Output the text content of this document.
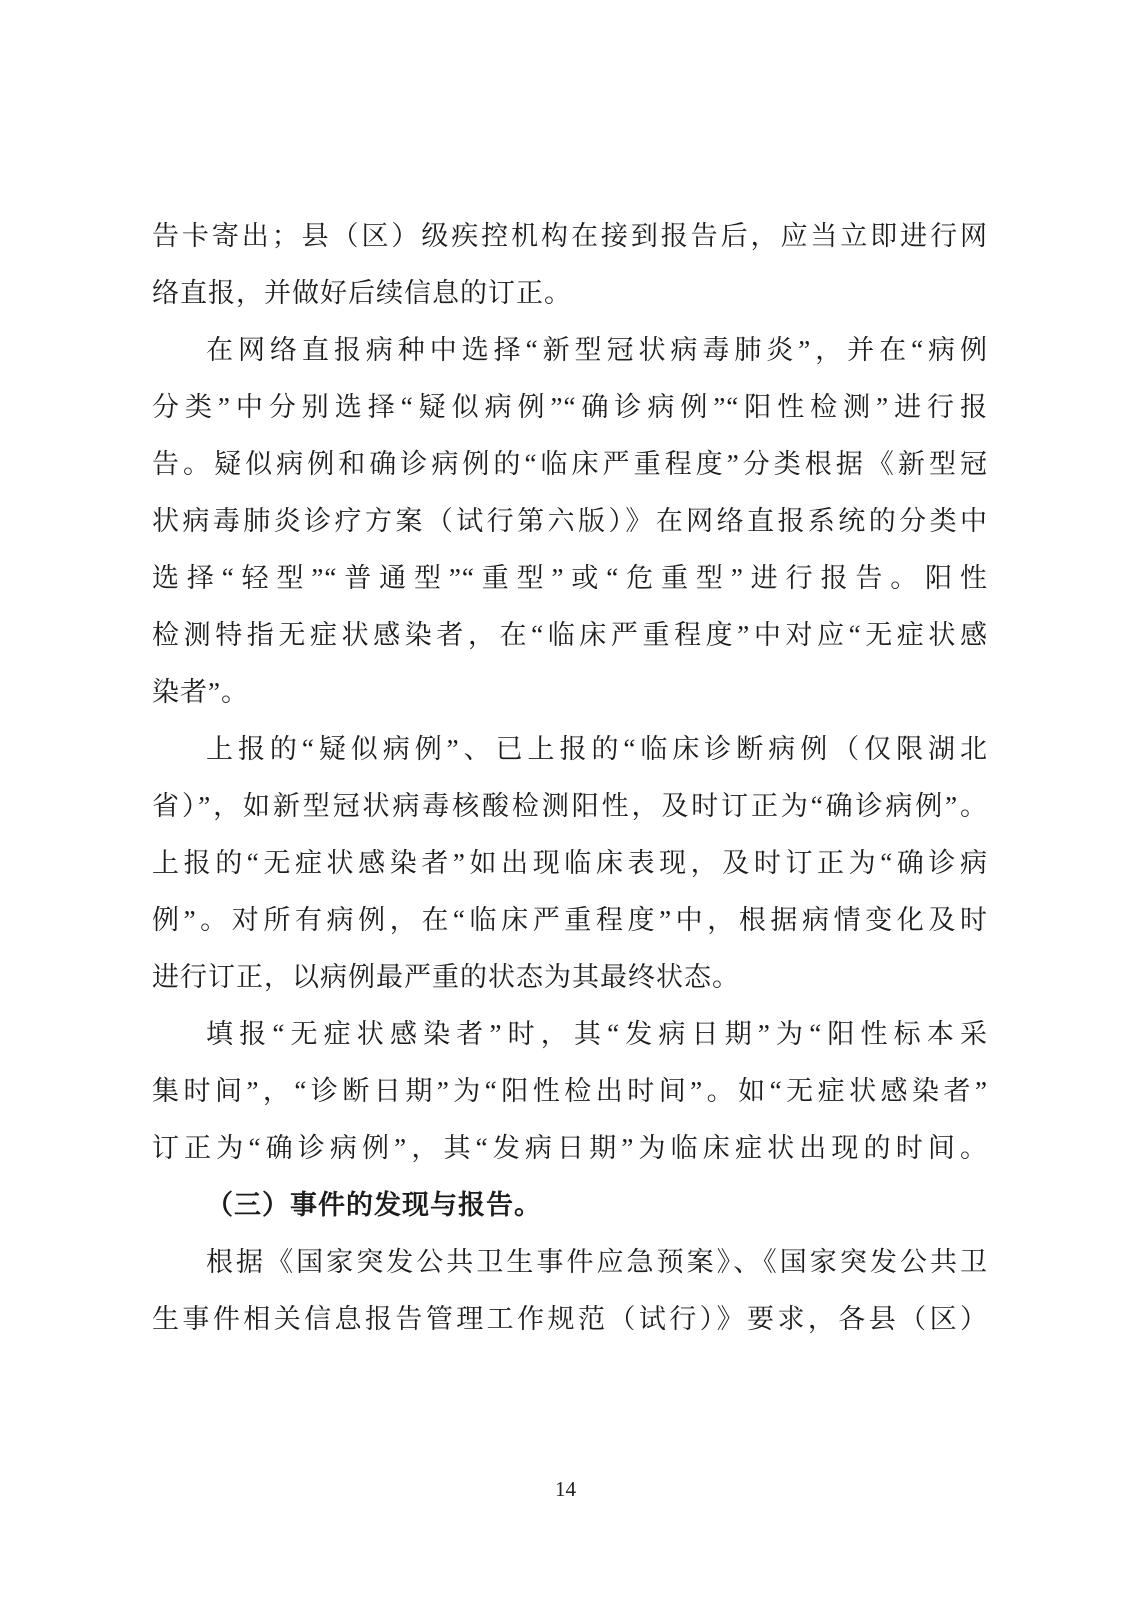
告卡寄出；县（区）级疾控机构在接到报告后，应当立即进行网
络直报，并做好后续信息的订正。
在网络直报病种中选择“新型冠状病毒肺炎”，并在“病例
分类”中分别选择“疑似病例”“确诊病例”“阳性检测”进行报
告。疑似病例和确诊病例的“临床严重程度”分类根据《新型冠
状病毒肺炎诊疗方案（试行第六版）》在网络直报系统的分类中
选择“轻型”“普通型”“重型”或“危重型”进行报告。阳性
检测特指无症状感染者，在“临床严重程度”中对应“无症状感
染者”。
上报的“疑似病例”、已上报的“临床诊断病例（仅限湖北
省）”，如新型冠状病毒核酸检测阳性，及时订正为“确诊病例”。
上报的“无症状感染者”如出现临床表现，及时订正为“确诊病
例”。对所有病例，在“临床严重程度”中，根据病情变化及时
进行订正，以病例最严重的状态为其最终状态。
填报“无症状感染者”时，其“发病日期”为“阳性标本采
集时间”，“诊断日期”为“阳性检出时间”。如“无症状感染者”
订正为“确诊病例”，其“发病日期”为临床症状出现的时间。
（三）事件的发现与报告。
根据《国家突发公共卫生事件应急预案》、《国家突发公共卫
生事件相关信息报告管理工作规范（试行）》要求，各县（区）
14
